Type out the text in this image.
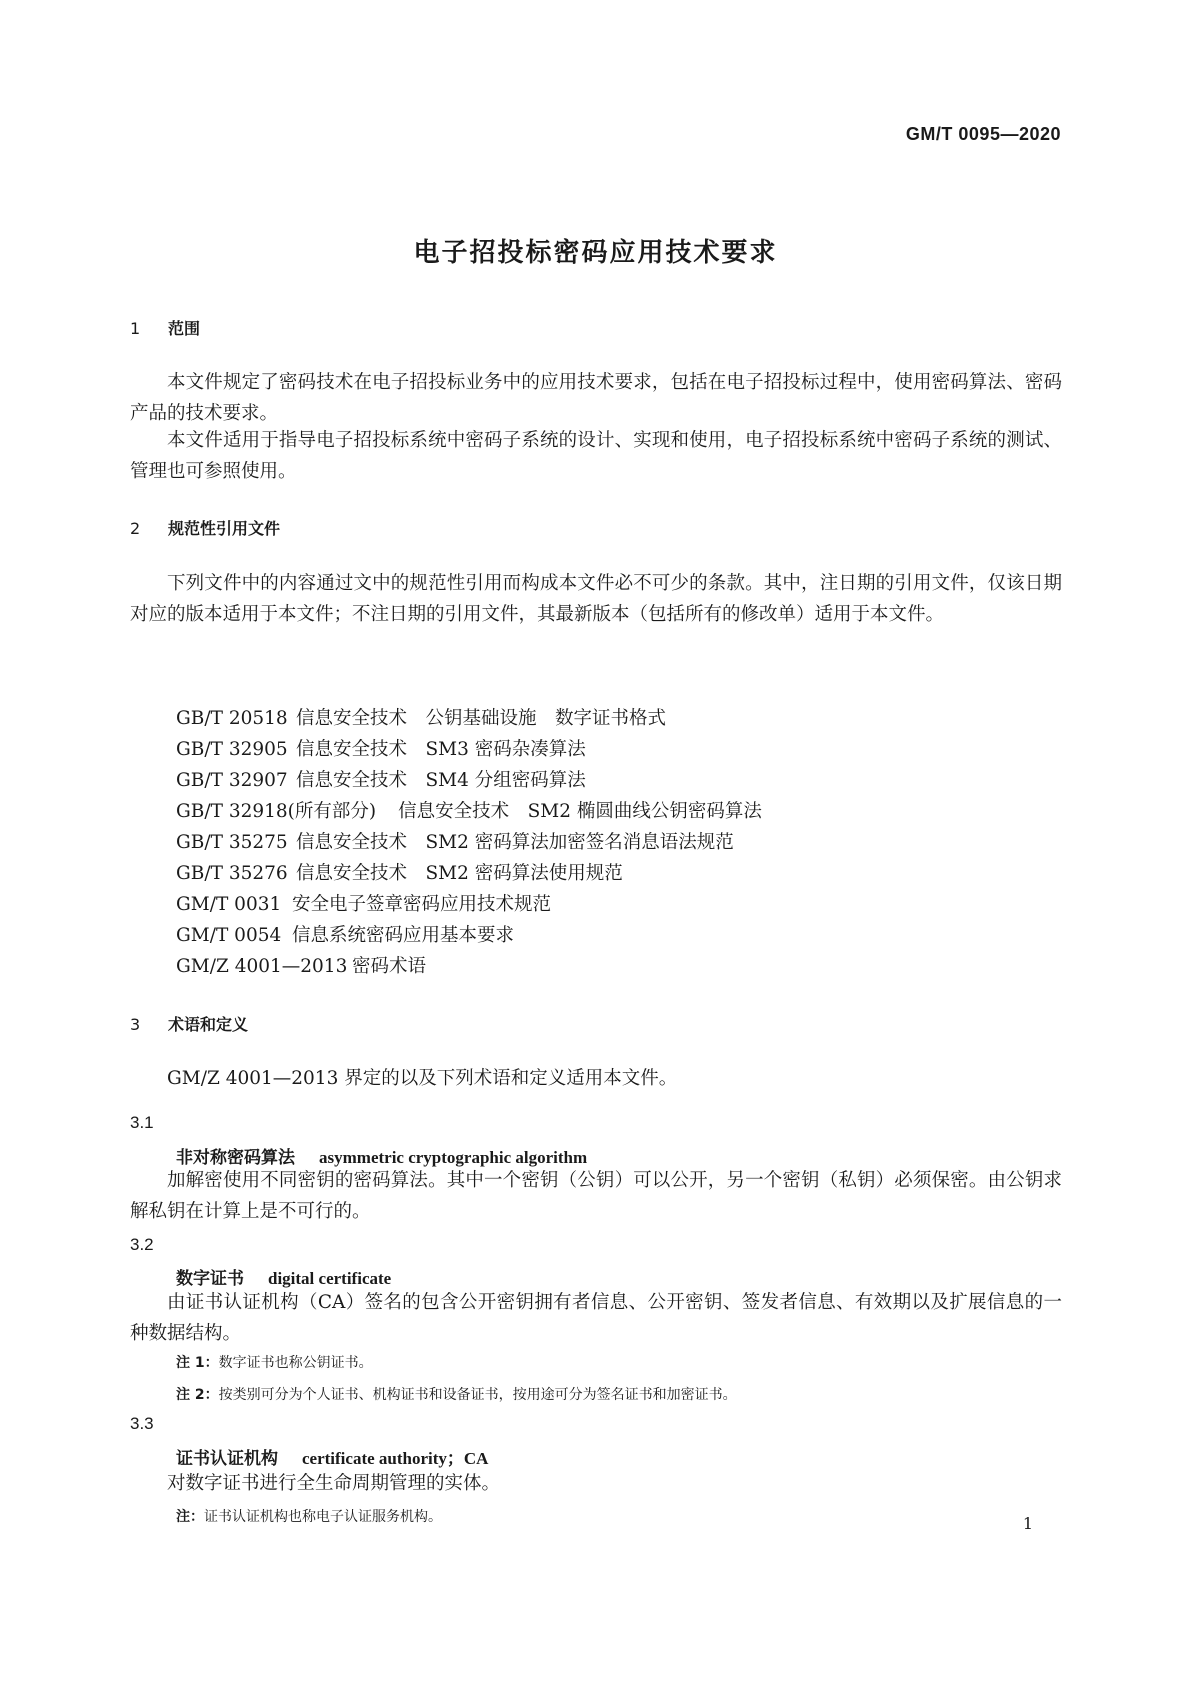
GM/T 0095—2020
电子招投标密码应用技术要求
1 范围

本文件规定了密码技术在电子招投标业务中的应用技术要求，包括在电子招投标过程中，使用密码算法、密码产品的技术要求。

本文件适用于指导电子招投标系统中密码子系统的设计、实现和使用，电子招投标系统中密码子系统的测试、管理也可参照使用。

2 规范性引用文件

下列文件中的内容通过文中的规范性引用而构成本文件必不可少的条款。其中，注日期的引用文件，仅该日期对应的版本适用于本文件；不注日期的引用文件，其最新版本（包括所有的修改单）适用于本文件。

GB/T 20518 信息安全技术　公钥基础设施　数字证书格式
GB/T 32905 信息安全技术　SM3 密码杂凑算法
GB/T 32907 信息安全技术　SM4 分组密码算法
GB/T 32918(所有部分) 信息安全技术　SM2 椭圆曲线公钥密码算法
GB/T 35275 信息安全技术　SM2 密码算法加密签名消息语法规范
GB/T 35276 信息安全技术　SM2 密码算法使用规范
GM/T 0031 安全电子签章密码应用技术规范
GM/T 0054 信息系统密码应用基本要求
GM/Z 4001—2013 密码术语
3 术语和定义

GM/Z 4001—2013 界定的以及下列术语和定义适用本文件。

3.1
非对称密码算法 asymmetric cryptographic algorithm

加解密使用不同密钥的密码算法。其中一个密钥（公钥）可以公开，另一个密钥（私钥）必须保密。由公钥求解私钥在计算上是不可行的。

3.2
数字证书 digital certificate

由证书认证机构（CA）签名的包含公开密钥拥有者信息、公开密钥、签发者信息、有效期以及扩展信息的一种数据结构。

注 1：数字证书也称公钥证书。
注 2：按类别可分为个人证书、机构证书和设备证书，按用途可分为签名证书和加密证书。
3.3
证书认证机构 certificate authority；CA

对数字证书进行全生命周期管理的实体。

注：证书认证机构也称电子认证服务机构。	1
